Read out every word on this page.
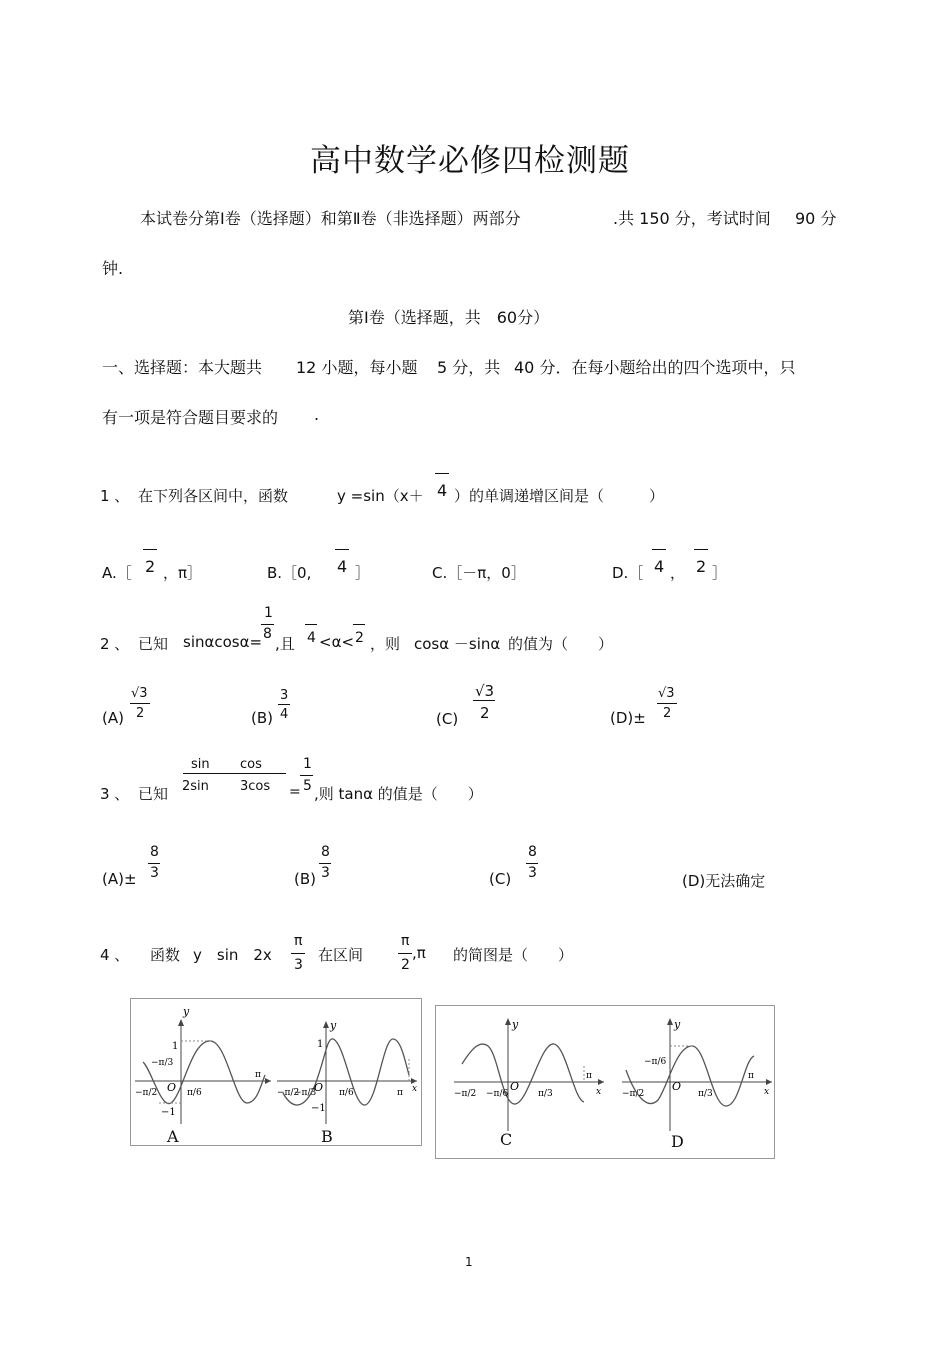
高中数学必修四检测题
本试卷分第Ⅰ卷（选择题）和第Ⅱ卷（非选择题）两部分	.共 150 分，考试时间 90 分
钟.
第Ⅰ卷（选择题，共　60分）
一、选择题：本大题共 12 小题，每小题 5 分，共 40 分．在每小题给出的四个选项中，只
有一项是符合题目要求的 .
1 、 在下列各区间中，函数	y =sin（x＋ 4 ）的单调递增区间是（　　　）
A.［ 2 ，π］	B.［0, 4 ］	C.［－π，0］	D.［ 4 ， 2 ］
2 、 已知 sinαcosα=
1
8
,且 4 <α< 2 ，则 cosα －sinα 的值为（　　）
(A)
√3
2	(B)
3
4	(C)
√3
2	(D)±
√3
2
3 、 已知
sin cos
2sin 3cos =
1
5 ,则 tanα 的值是（　　）
(A)±
8
3	(B)
8
3	(C)
8
3	(D)无法确定
4 、 函数 y　sin　2x
π
3
在区间
π
2
,π 的简图是（　　）
y
1
−1
O
−π/2
−π/3
π/6
π
y
1
−1
O
−π/2
−π/3	π/6	π x
A	B
y
O
−π/2 −π/6	π/3
π
x
y
O
−π/2
−π/6
π/3
π
x
C	D
1
